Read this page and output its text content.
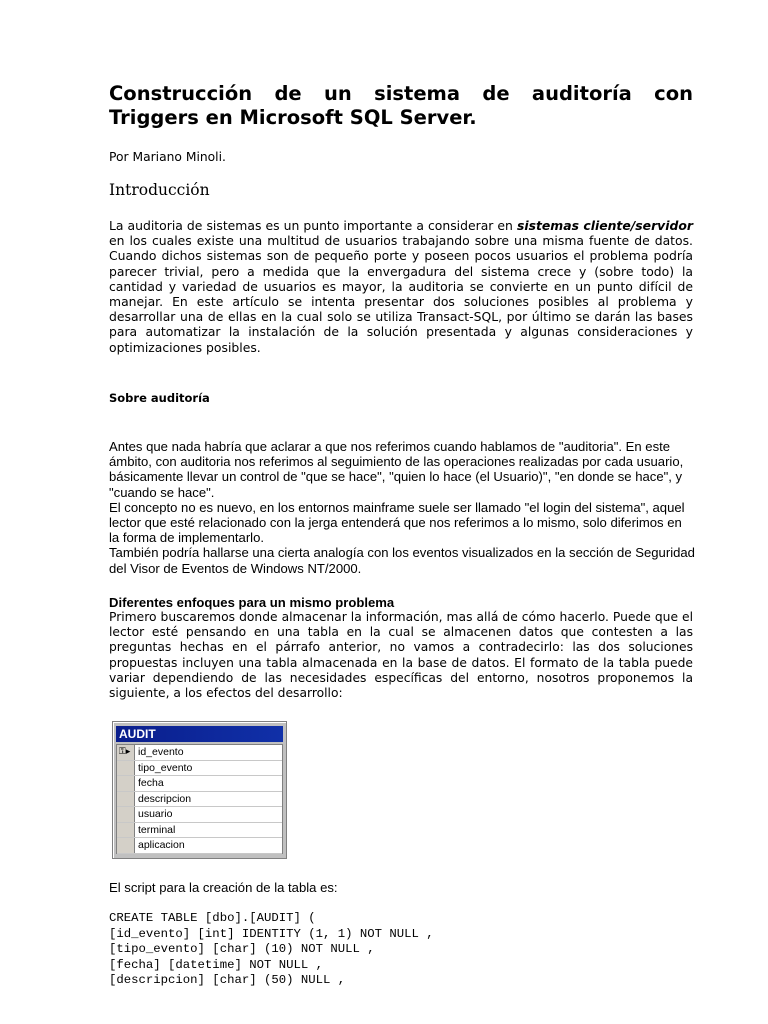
Construcción de un sistema de auditoría con Triggers en Microsoft SQL Server.
Por Mariano Minoli.
Introducción

La auditoria de sistemas es un punto importante a considerar en sistemas cliente/servidor en los cuales existe una multitud de usuarios trabajando sobre una misma fuente de datos. Cuando dichos sistemas son de pequeño porte y poseen pocos usuarios el problema podría parecer trivial, pero a medida que la envergadura del sistema crece y (sobre todo) la cantidad y variedad de usuarios es mayor, la auditoria se convierte en un punto difícil de manejar. En este artículo se intenta presentar dos soluciones posibles al problema y desarrollar una de ellas en la cual solo se utiliza Transact-SQL, por último se darán las bases para automatizar la instalación de la solución presentada y algunas consideraciones y optimizaciones posibles.

Sobre auditoría

Antes que nada habría que aclarar a que nos referimos cuando hablamos de "auditoria". En este ámbito, con auditoria nos referimos al seguimiento de las operaciones realizadas por cada usuario, básicamente llevar un control de "que se hace", "quien lo hace (el Usuario)", "en donde se hace", y "cuando se hace".
El concepto no es nuevo, en los entornos mainframe suele ser llamado "el login del sistema", aquel lector que esté relacionado con la jerga entenderá que nos referimos a lo mismo, solo diferimos en la forma de implementarlo.
También podría hallarse una cierta analogía con los eventos visualizados en la sección de Seguridad del Visor de Eventos de Windows NT/2000.

Diferentes enfoques para un mismo problema

Primero buscaremos donde almacenar la información, mas allá de cómo hacerlo. Puede que el lector esté pensando en una tabla en la cual se almacenen datos que contesten a las preguntas hechas en el párrafo anterior, no vamos a contradecirlo: las dos soluciones propuestas incluyen una tabla almacenada en la base de datos. El formato de la tabla puede variar dependiendo de las necesidades específicas del entorno, nosotros proponemos la siguiente, a los efectos del desarrollo:

El script para la creación de la tabla es:

CREATE TABLE [dbo].[AUDIT] (
[id_evento] [int] IDENTITY (1, 1) NOT NULL ,
[tipo_evento] [char] (10) NOT NULL ,
[fecha] [datetime] NOT NULL ,
[descripcion] [char] (50) NULL ,
AUDIT
⚿▸ id_evento
tipo_evento
fecha
descripcion
usuario
terminal
aplicacion
